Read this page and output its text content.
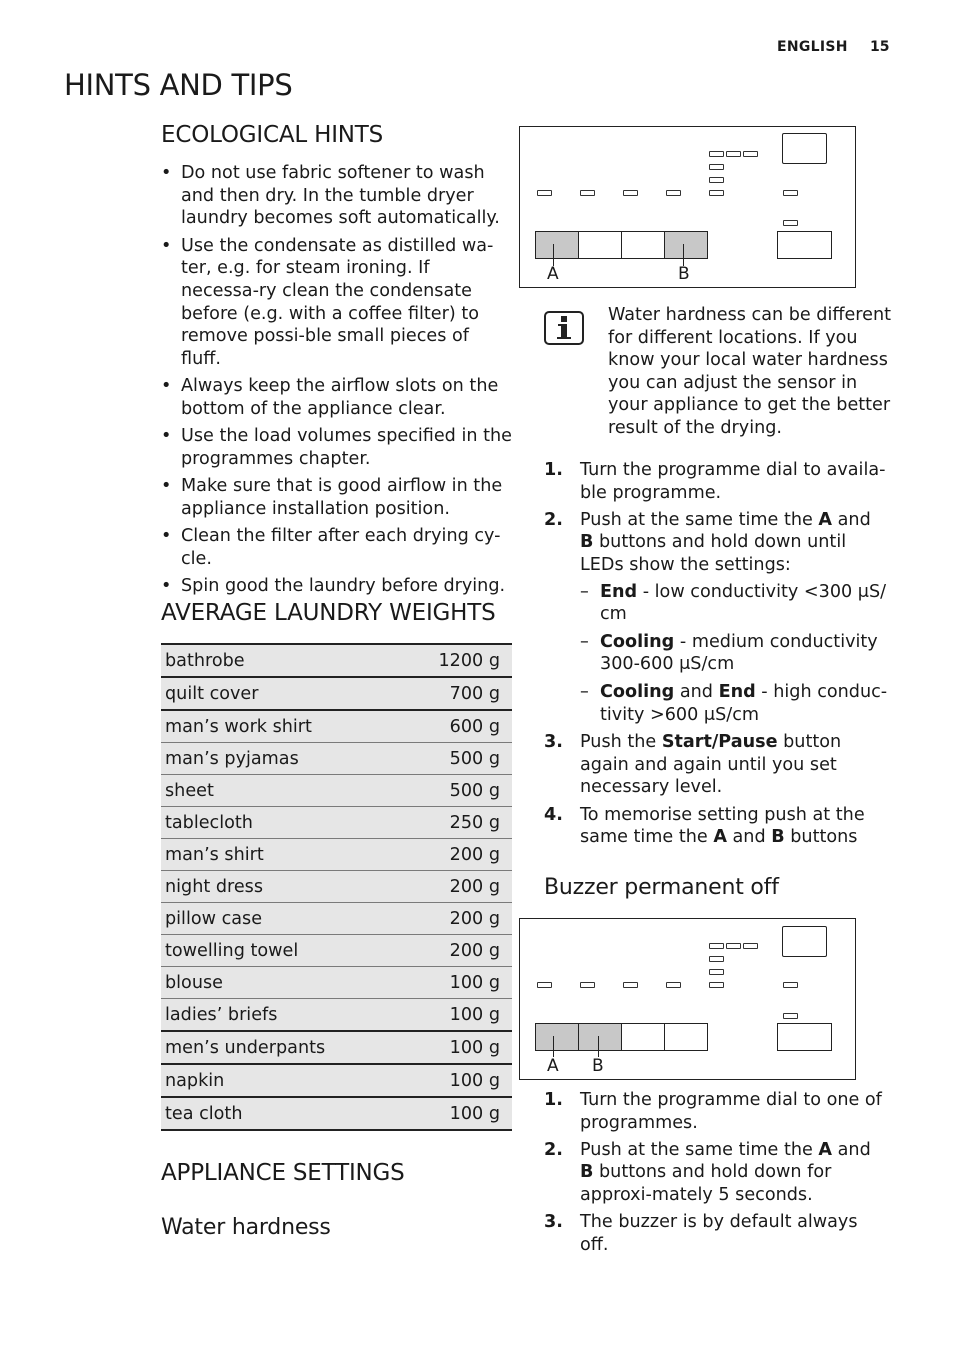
ENGLISH 15
HINTS AND TIPS
ECOLOGICAL HINTS
• Do not use fabric softener to wash and then dry. In the tumble dryer laundry becomes soft automatically.
• Use the condensate as distilled wa-ter, e.g. for steam ironing. If necessa-ry clean the condensate before (e.g. with a coffee filter) to remove possi-ble small pieces of fluff.
• Always keep the airflow slots on the bottom of the appliance clear.
• Use the load volumes specified in the programmes chapter.
• Make sure that is good airflow in the appliance installation position.
• Clean the filter after each drying cy-cle.
• Spin good the laundry before drying.
AVERAGE LAUNDRY WEIGHTS
bathrobe	1200 g
quilt cover	700 g
man’s work shirt	600 g
man’s pyjamas	500 g
sheet	500 g
tablecloth	250 g
man’s shirt	200 g
night dress	200 g
pillow case	200 g
towelling towel	200 g
blouse	100 g
ladies’ briefs	100 g
men’s underpants	100 g
napkin	100 g
tea cloth	100 g
APPLIANCE SETTINGS
Water hardness
A	B
Water hardness can be different for different locations. If you know your local water hardness you can adjust the sensor in your appliance to get the better result of the drying.
1. Turn the programme dial to availa-ble programme.
2. Push at the same time the A and B buttons and hold down until LEDs show the settings:
– End - low conductivity <300 μS/ cm
– Cooling - medium conductivity 300-600 μS/cm
– Cooling and End - high conduc-tivity >600 μS/cm
3. Push the Start/Pause button again and again until you set necessary level.
4. To memorise setting push at the same time the A and B buttons
Buzzer permanent off
A B
1. Turn the programme dial to one of programmes.
2. Push at the same time the A and B buttons and hold down for approxi-mately 5 seconds.
3. The buzzer is by default always off.
